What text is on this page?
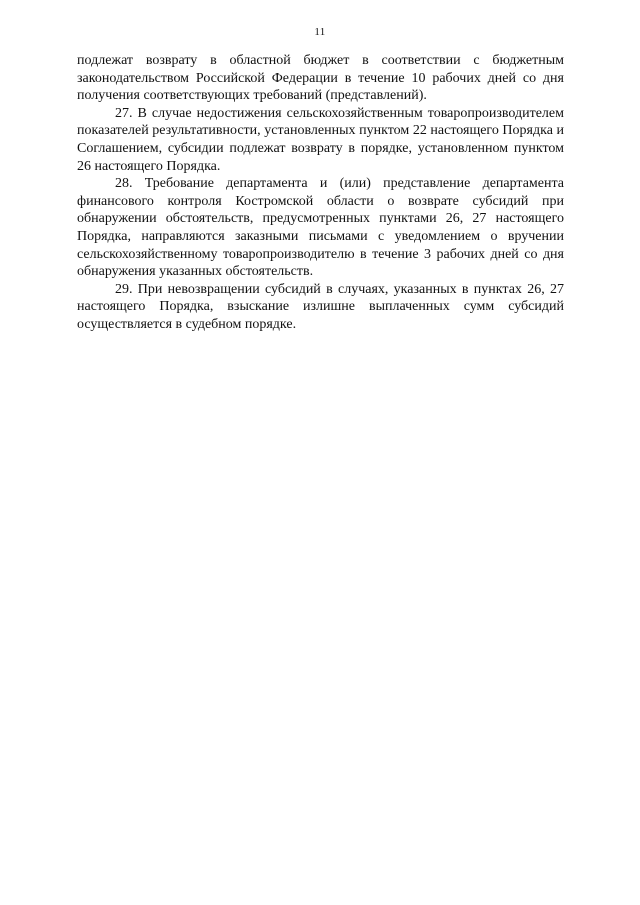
11

подлежат возврату в областной бюджет в соответствии с бюджетным законодательством Российской Федерации в течение 10 рабочих дней со дня получения соответствующих требований (представлений).

27. В случае недостижения сельскохозяйственным товаропроизводителем показателей результативности, установленных пунктом 22 настоящего Порядка и Соглашением, субсидии подлежат возврату в порядке, установленном пунктом 26 настоящего Порядка.

28. Требование департамента и (или) представление департамента финансового контроля Костромской области о возврате субсидий при обнаружении обстоятельств, предусмотренных пунктами 26, 27 настоящего Порядка, направляются заказными письмами с уведомлением о вручении сельскохозяйственному товаропроизводителю в течение 3 рабочих дней со дня обнаружения указанных обстоятельств.

29. При невозвращении субсидий в случаях, указанных в пунктах 26, 27 настоящего Порядка, взыскание излишне выплаченных сумм субсидий осуществляется в судебном порядке.
